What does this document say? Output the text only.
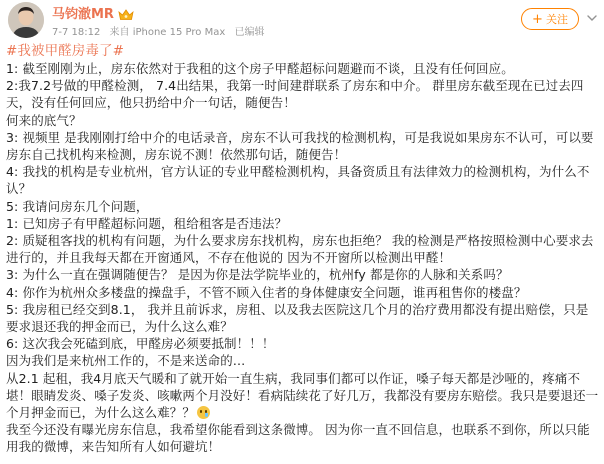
马钧澈MR
7-7 18:12 来自 iPhone 15 Pro Max 已编辑
+ 关注

#我被甲醛房毒了#

1: 截至刚刚为止，房东依然对于我租的这个房子甲醛超标问题避而不谈，且没有任何回应。

2:我7.2号做的甲醛检测， 7.4出结果，我第一时间建群联系了房东和中介。 群里房东截至现在已过去四天，没有任何回应，他只扔给中介一句话，随便告！

何来的底气？

3: 视频里 是我刚刚打给中介的电话录音，房东不认可我找的检测机构，可是我说如果房东不认可，可以要房东自己找机构来检测，房东说不测！依然那句话，随便告！

4: 我找的机构是专业杭州，官方认证的专业甲醛检测机构，具备资质且有法律效力的检测机构，为什么不认？

5: 我请问房东几个问题，

1: 已知房子有甲醛超标问题，租给租客是否违法？

2: 质疑租客找的机构有问题，为什么要求房东找机构，房东也拒绝？ 我的检测是严格按照检测中心要求去进行的，并且我每天都在开窗通风，不存在他说的 因为不开窗所以检测出甲醛！

3: 为什么一直在强调随便告？ 是因为你是法学院毕业的，杭州fy 都是你的人脉和关系吗？

4: 你作为杭州众多楼盘的操盘手，不管不顾入住者的身体健康安全问题，谁再租售你的楼盘？

5: 我房租已经交到8.1， 我并且前诉求，房租、以及我去医院这几个月的治疗费用都没有提出赔偿，只是要求退还我的押金而已，为什么这么难？

6: 这次我会死磕到底，甲醛房必须要抵制！！！

因为我们是来杭州工作的，不是来送命的…

从2.1 起租，我4月底天气暖和了就开始一直生病，我同事们都可以作证，嗓子每天都是沙哑的，疼痛不堪！眼睛发炎、嗓子发炎、咳嗽两个月没好！看病陆续花了好几万，我都没有要房东赔偿。我只是要退还一个月押金而已，为什么这么难？？

我至今还没有曝光房东信息，我希望你能看到这条微博。 因为你一直不回信息，也联系不到你，所以只能用我的微博，来告知所有人如何避坑！
